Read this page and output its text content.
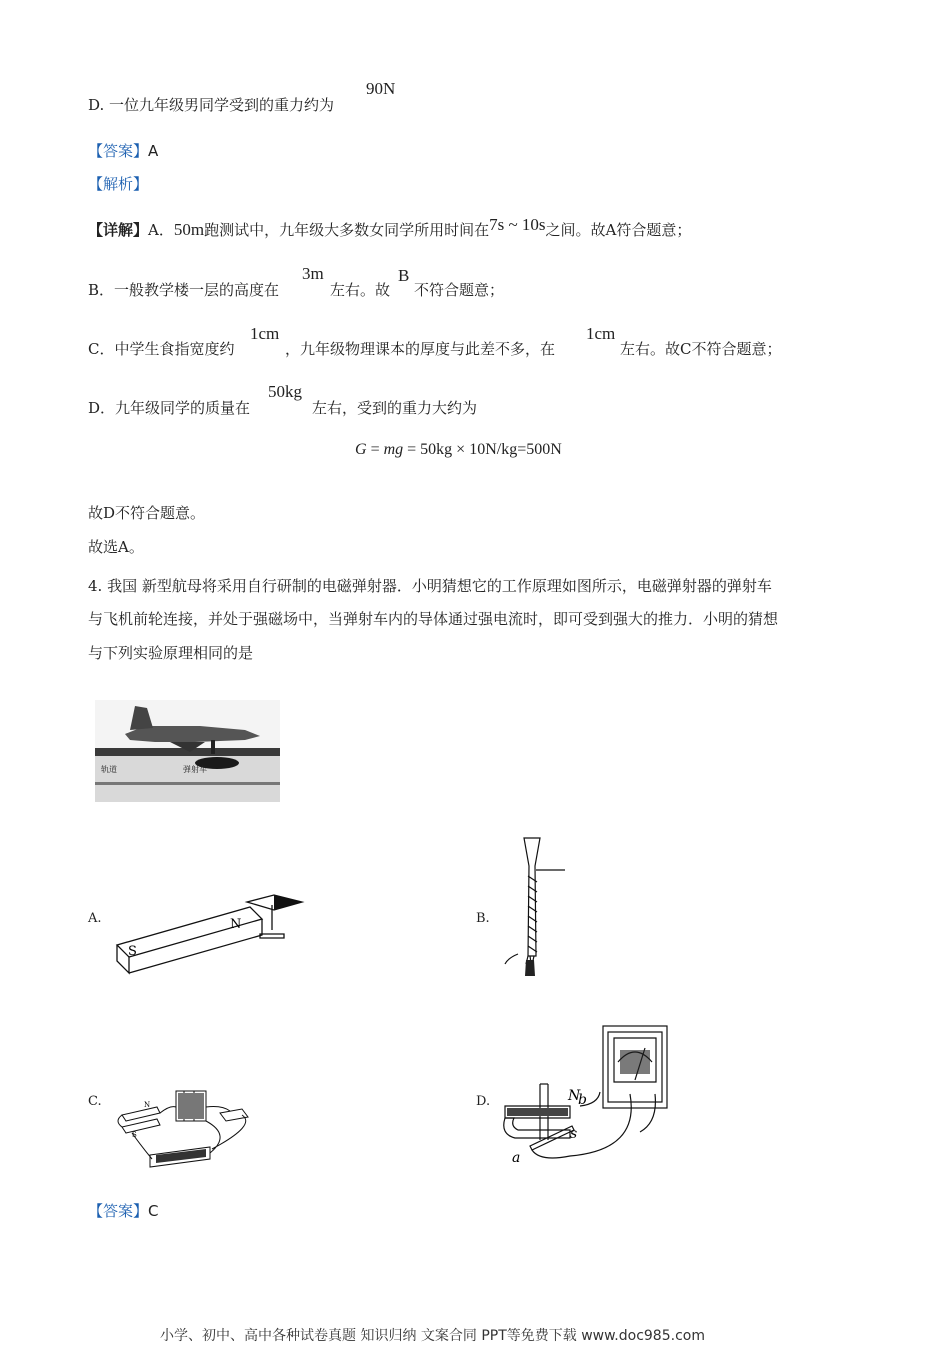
D. 一位九年级男同学受到的重力约为
90N
【答案】A
【解析】
【详解】A．50m跑测试中，九年级大多数女同学所用时间在7s ~ 10s之间。故A符合题意；
B．一般教学楼一层的高度在
3m
左右。故
B
不符合题意；
C．中学生食指宽度约
1cm
，九年级物理课本的厚度与此差不多，在
1cm
左右。故C不符合题意；
D．九年级同学的质量在
50kg
左右，受到的重力大约为
G = mg = 50kg × 10N/kg=500N
故D不符合题意。
故选A。
4. 我国 新型航母将采用自行研制的电磁弹射器．小明猜想它的工作原理如图所示，电磁弹射器的弹射车
与飞机前轮连接，并处于强磁场中，当弹射车内的导体通过强电流时，即可受到强大的推力．小明的猜想
与下列实验原理相同的是
轨道	弹射车
A.
S
N	B.
C.	N
S
D.	N
b
s
a
【答案】C
小学、初中、高中各种试卷真题 知识归纳 文案合同 PPT等免费下载 www.doc985.com
